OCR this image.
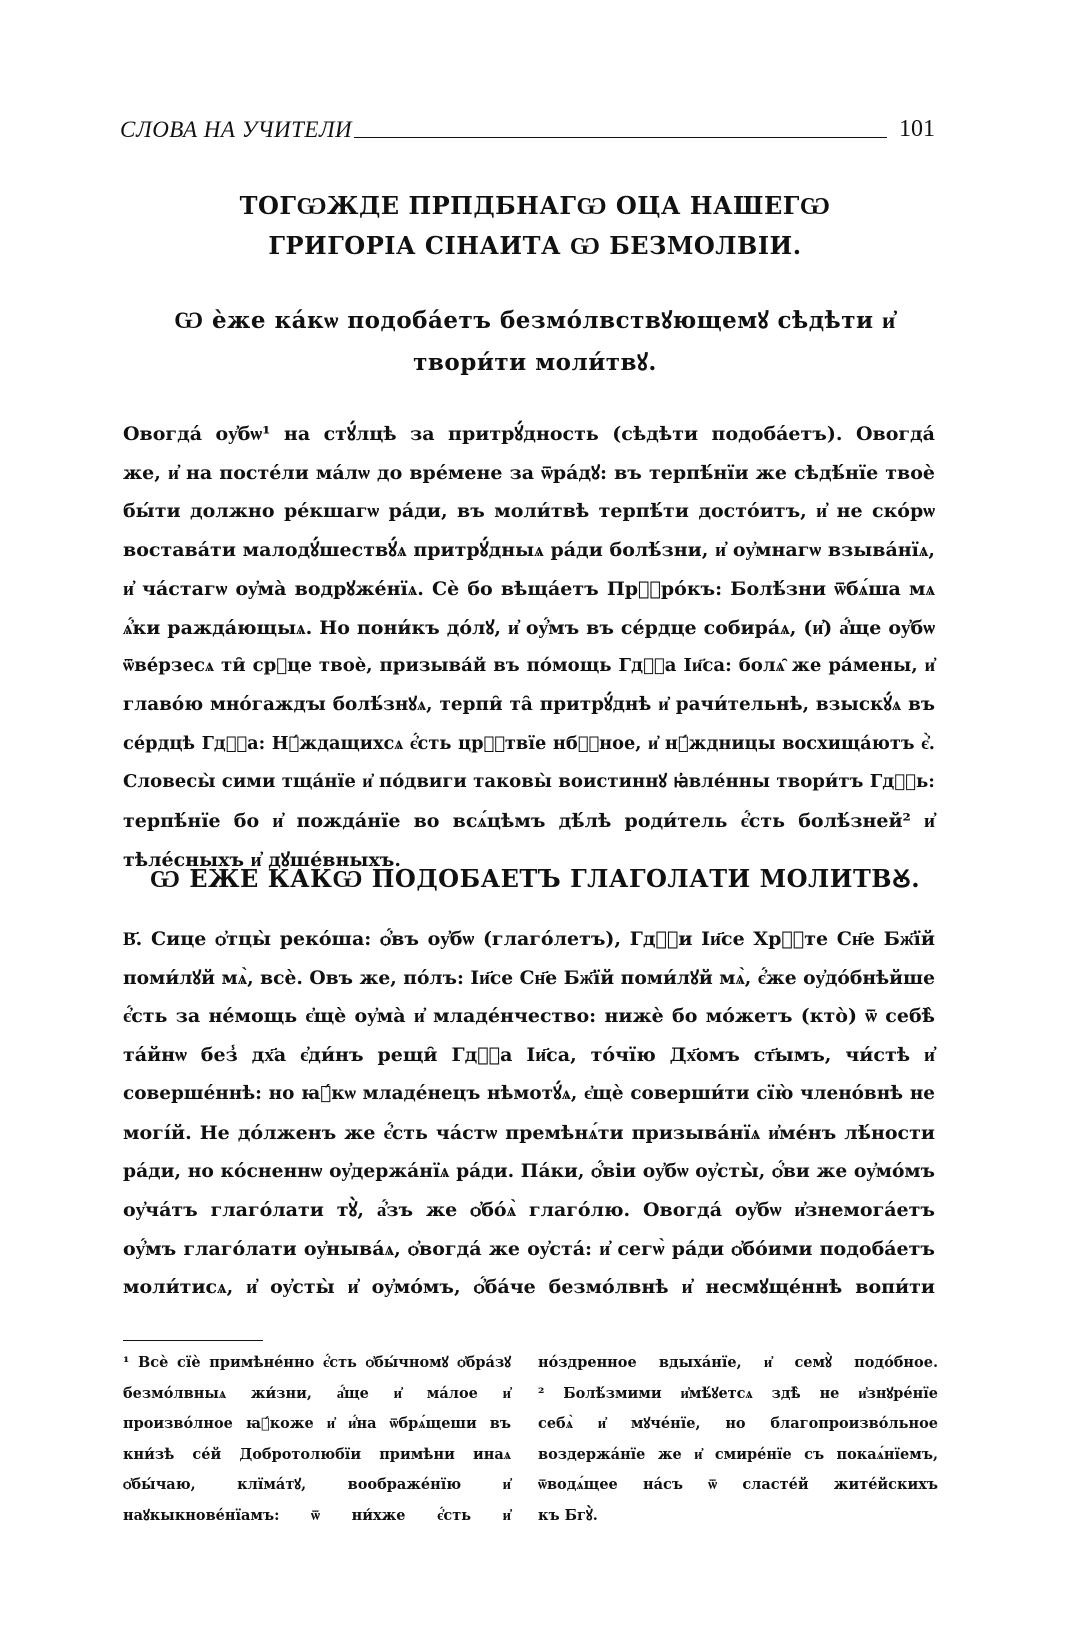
СЛОВА НА УЧИТЕЛИ	101
ТОГѠЖДЕ ПРПДБНАГѠ ОЦА НАШЕГѠ
ГРИГОРІА СІНАИТА Ѡ БЕЗМОЛВІИ.
Ѡ ѐже кáкѡ подобáетъ безмóлвствꙋющемꙋ сѣдѣти и҆
твори́ти моли́твꙋ.
Овогдá оу҆бѡ¹ на стꙋ́лцѣ за притрꙋ́дность (сѣдѣти подобáетъ). Овогдá
же, и҆ на постéли мáлѡ до врéмене за ѿрáдꙋ: въ терпѣ́нїи же сѣдѣ́нїе твоѐ
бы́ти должно рéкшагѡ рáди, въ моли́твѣ терпѣ́ти достóитъ, и҆ не скóрѡ
востава́ти малодꙋ́шествꙋ́ѧ притрꙋ́дныѧ рáди болѣ́зни, и҆ оу҆мнагѡ взыва́нїѧ,
и҆ чáстагѡ оу҆мà водрꙋжéнїѧ. Сѐ бо вѣщáетъ Прⷪ҇рóкъ: Болѣ́зни ѿбѧ́ша мѧ
ѧ҆́ки раждáющыѧ. Но пони́къ дóлꙋ, и҆ оу҆́мъ въ сéрдце собирáѧ, (и҆) а҆́ще оу҆бѡ
ѿвéрзесѧ ти̑ срⷣце твоѐ, призывáй въ пóмощь Гдⷭ҇а Іи҃са: болѧ̑ же рáмены, и҆
главóю мнóгаждꙑ болѣ́знꙋѧ, терпи̑ та̑ притрꙋ́днѣ и҆ рачи́тельнѣ, взыскꙋ́ѧ въ
сéрдцѣ Гдⷭ҇а: Нꙋ́ждащихсѧ є҆́сть црⷭ҇твїе нбⷭ҇ное, и҆ нꙋ́ждницы восхищáютъ є҆̀.
Словесы̀ сими тщáнїе и҆ пóдвиги таковы̀ воистиннꙋ ꙗ҆влéнны твори́тъ Гдⷭ҇ь:
терпѣ́нїе бо и҆ пождáнїе во всѧ́цѣмъ дѣ́лѣ роди́тель є҆́сть болѣ́зней² и҆
тѣлéсныхъ и҆ дꙋшéвныхъ.
Ѡ ЕЖЕ КАКѠ ПОДОБАЕТЪ ГЛАГОЛАТИ МОЛИТВꙊ.
В҃. Сице ѻ҆тцы̀ рекóша: ѻ҆́въ оу҆бѡ (глагóлетъ), Гдⷭ҇и Іи҃се Хрⷭ҇те Сн҃е Бж҃їй
поми́лꙋй мѧ̀, всѐ. Овъ же, пóлъ: Іи҃се Сн҃е Бж҃їй поми́лꙋй мѧ̀, є҆́же оу҆дóбнѣйше
є҆́сть за нéмощь є҆щѐ оу҆мà и҆ младéнчество: нижѐ бо мóжетъ (ктò) ѿ себѣ̀
тáйнѡ без̾ дх҃а є҆ди́нъ рещи̑ Гдⷭ҇а Іи҃са, тóчїю Дх҃омъ ст҃ымъ, чи́стѣ и҆
совершéннѣ: но ꙗ҆́кѡ младéнецъ нѣмотꙋ́ѧ, є҆щѐ соверши́ти сїю̀ членóвнѣ не
могíй. Не дóлженъ же є҆́сть чáстѡ премѣнѧ́ти призывáнїѧ и҆мéнъ лѣ́ности
рáди, но кóсненнѡ оу҆держáнїѧ рáди. Пáки, ѻ҆́віи оу҆бѡ оу҆сты̀, ѻ҆́ви же оу҆мóмъ
оу҆чáтъ глагóлати тꙋ̀, а҆́зъ же ѻ҆бóѧ̀ глагóлю. Овогдá оу҆бѡ и҆знемогáетъ
оу҆́мъ глагóлати оу҆нывáѧ, ѻ҆вогдá же оу҆стá: и҆ сегѡ̀ рáди ѻ҆бóими подобáетъ
моли́тисѧ, и҆ оу҆сты̀ и҆ оу҆мóмъ, ѻ҆́бáче безмóлвнѣ и҆ несмꙋщéннѣ вопи́ти
¹ Всѐ сїѐ примѣнéнно є҆́сть ѻ҆бы́чномꙋ ѻ҆брáзꙋ
безмóлвныѧ жи́зни, а҆́ще и҆ мáлое и҆
произвóлное ꙗ҆́коже и҆ и҆́на ѿбрѧ́щеши въ
кни́зѣ сéй Добротолюбїи примѣни инаѧ
ѻ҆бы́чаю, клїмáтꙋ, воображéнїю и҆
наꙋкыкновéнїамъ: ѿ ни́хже є҆́сть и҆
нóздренное вдыхáнїе, и҆ семꙋ̀ подóбное.
² Болѣ́змими и҆мѣ́ꙋетсѧ здѣ̀ не и҆знꙋрéнїе
себѧ̀ и҆ мꙋчéнїе, но благопроизвóльное
воздержáнїе же и҆ смирéнїе съ покаѧ́нїемъ,
ѿводѧ́щее нáсъ ѿ сластéй житéйскихъ
къ Бгꙋ̀.
